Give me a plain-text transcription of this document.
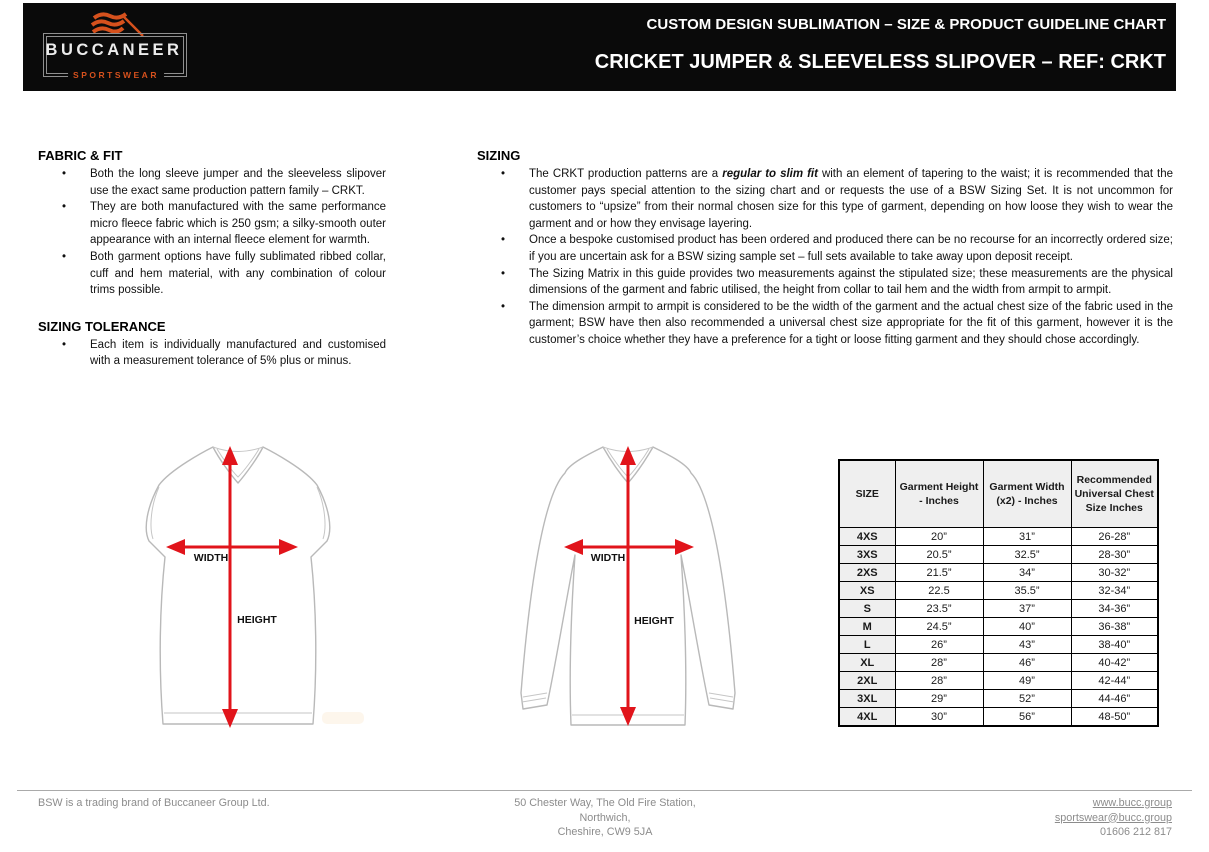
BUCCANEER
SPORTSWEAR
CUSTOM DESIGN SUBLIMATION – SIZE & PRODUCT GUIDELINE CHART
CRICKET JUMPER & SLEEVELESS SLIPOVER – REF: CRKT
FABRIC & FIT
• Both the long sleeve jumper and the sleeveless slipover use the exact same production pattern family – CRKT.
• They are both manufactured with the same performance micro fleece fabric which is 250 gsm; a silky-smooth outer appearance with an internal fleece element for warmth.
• Both garment options have fully sublimated ribbed collar, cuff and hem material, with any combination of colour trims possible.
SIZING TOLERANCE
• Each item is individually manufactured and customised with a measurement tolerance of 5% plus or minus.
SIZING
• The CRKT production patterns are a regular to slim fit with an element of tapering to the waist; it is recommended that the customer pays special attention to the sizing chart and or requests the use of a BSW Sizing Set. It is not uncommon for customers to “upsize” from their normal chosen size for this type of garment, depending on how loose they wish to wear the garment and or how they envisage layering.
• Once a bespoke customised product has been ordered and produced there can be no recourse for an incorrectly ordered size; if you are uncertain ask for a BSW sizing sample set – full sets available to take away upon deposit receipt.
• The Sizing Matrix in this guide provides two measurements against the stipulated size; these measurements are the physical dimensions of the garment and fabric utilised, the height from collar to tail hem and the width from armpit to armpit.
• The dimension armpit to armpit is considered to be the width of the garment and the actual chest size of the fabric used in the garment; BSW have then also recommended a universal chest size appropriate for the fit of this garment, however it is the customer’s choice whether they have a preference for a tight or loose fitting garment and they should chose accordingly.
WIDTH
HEIGHT
WIDTH
HEIGHT
SIZE	Garment Height - Inches	Garment Width (x2) - Inches	Recommended Universal Chest Size Inches
4XS	20”	31”	26-28”
3XS	20.5”	32.5”	28-30”
2XS	21.5”	34”	30-32”
XS	22.5	35.5”	32-34”
S	23.5”	37”	34-36”
M	24.5”	40”	36-38”
L	26”	43”	38-40”
XL	28”	46”	40-42”
2XL	28”	49”	42-44”
3XL	29”	52”	44-46”
4XL	30”	56”	48-50”
BSW is a trading brand of Buccaneer Group Ltd.	50 Chester Way, The Old Fire Station,
Northwich,
Cheshire, CW9 5JA
www.bucc.group
sportswear@bucc.group
01606 212 817
